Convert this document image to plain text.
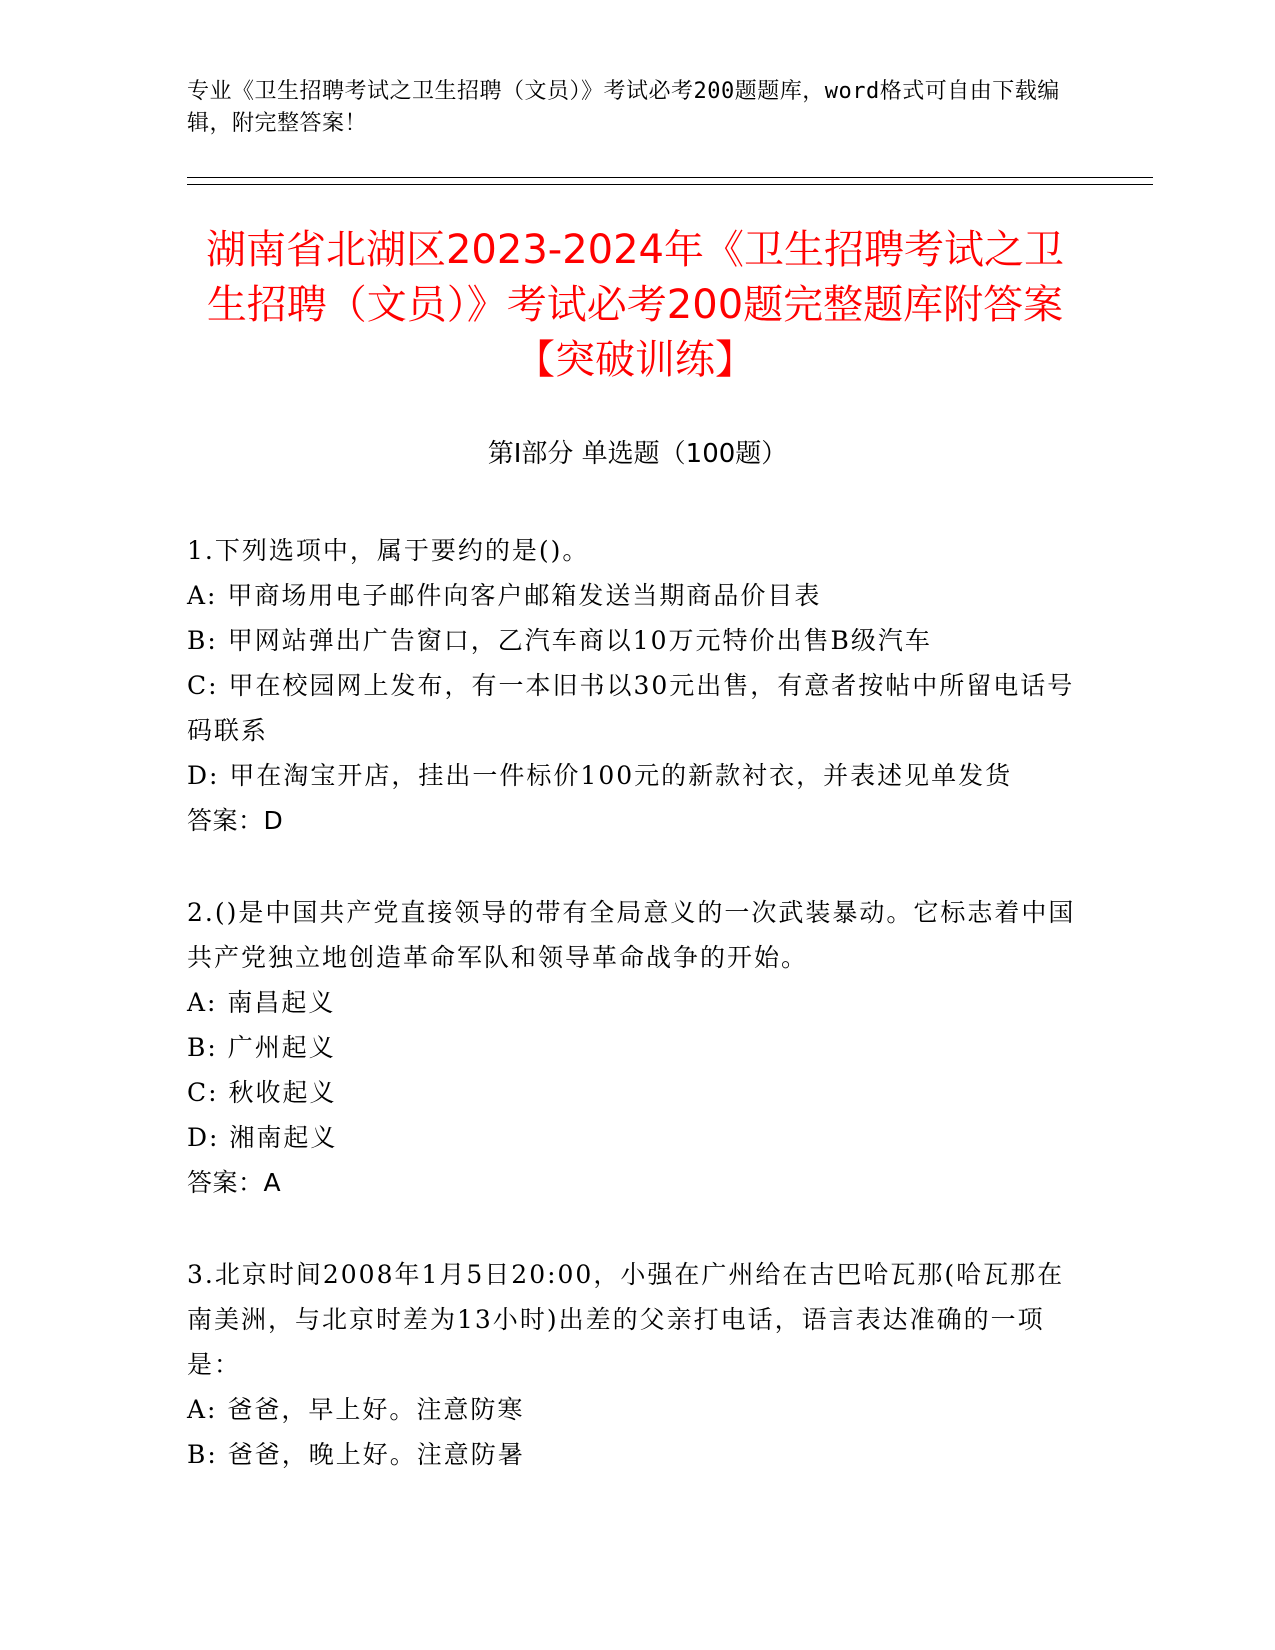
专业《卫生招聘考试之卫生招聘（文员）》考试必考200题题库，word格式可自由下载编辑，附完整答案！
湖南省北湖区2023-2024年《卫生招聘考试之卫生招聘（文员）》考试必考200题完整题库附答案【突破训练】
第I部分 单选题（100题）

1.下列选项中，属于要约的是()。

A: 甲商场用电子邮件向客户邮箱发送当期商品价目表

B: 甲网站弹出广告窗口，乙汽车商以10万元特价出售B级汽车

C: 甲在校园网上发布，有一本旧书以30元出售，有意者按帖中所留电话号码联系

D: 甲在淘宝开店，挂出一件标价100元的新款衬衣，并表述见单发货

答案：D

2.()是中国共产党直接领导的带有全局意义的一次武装暴动。它标志着中国共产党独立地创造革命军队和领导革命战争的开始。

A: 南昌起义

B: 广州起义

C: 秋收起义

D: 湘南起义

答案：A

3.北京时间2008年1月5日20:00，小强在广州给在古巴哈瓦那(哈瓦那在南美洲，与北京时差为13小时)出差的父亲打电话，语言表达准确的一项是：

A: 爸爸，早上好。注意防寒

B: 爸爸，晚上好。注意防暑
